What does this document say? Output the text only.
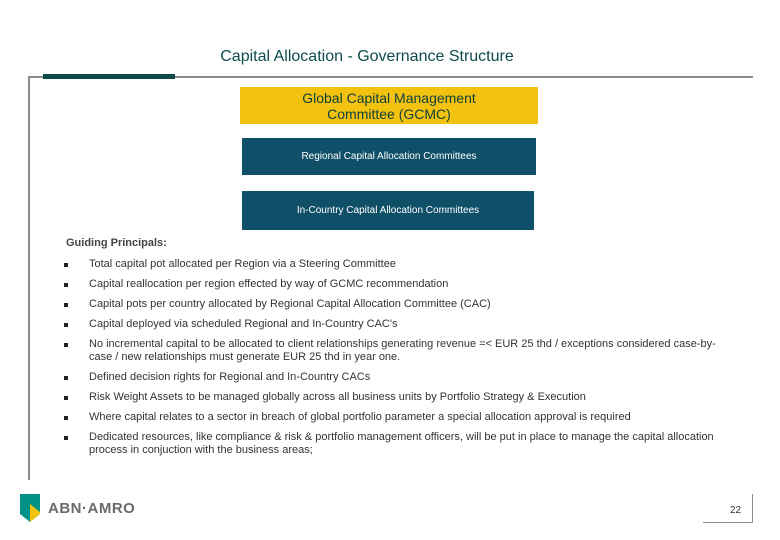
Capital Allocation - Governance Structure
Global Capital Management Committee (GCMC)
Regional Capital Allocation Committees
In-Country Capital Allocation Committees
Guiding Principals:
Total capital pot allocated per Region via a Steering Committee
Capital reallocation per region effected by way of GCMC recommendation
Capital pots per country allocated by Regional Capital Allocation Committee (CAC)
Capital deployed via scheduled Regional and In-Country CAC's
No incremental capital to be allocated to client relationships generating revenue =< EUR 25 thd / exceptions considered case-by-case / new relationships must generate EUR 25 thd in year one.
Defined decision rights for Regional and In-Country CACs
Risk Weight Assets to be managed globally across all business units by Portfolio Strategy & Execution
Where capital relates to a sector in breach of global portfolio parameter a special allocation approval is required
Dedicated resources, like compliance & risk & portfolio management officers, will be put in place to manage the capital allocation process in conjuction with the business areas;
ABN·AMRO	22
